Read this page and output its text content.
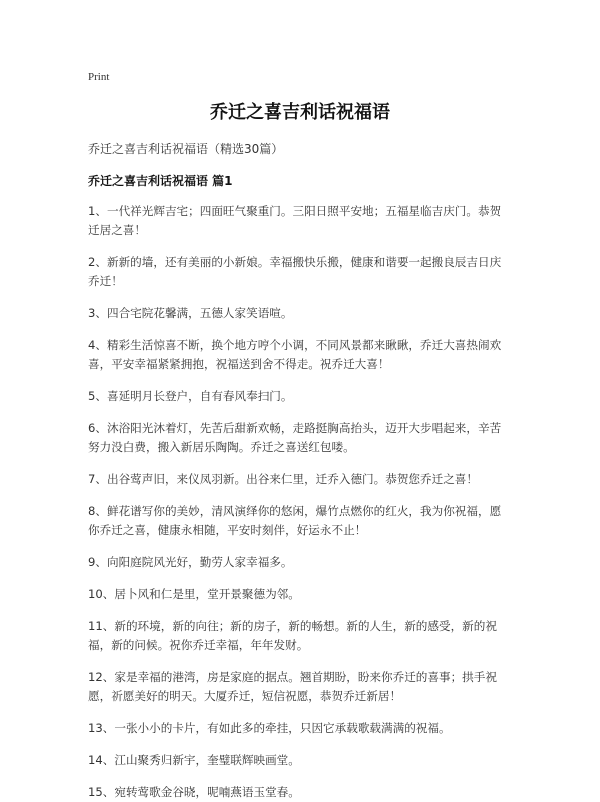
Print
乔迁之喜吉利话祝福语
乔迁之喜吉利话祝福语（精选30篇）
乔迁之喜吉利话祝福语 篇1

1、一代祥光辉吉宅；四面旺气聚重门。三阳日照平安地；五福星临吉庆门。恭贺迁居之喜！

2、新新的墙，还有美丽的小新娘。幸福搬快乐搬，健康和谐要一起搬良辰吉日庆乔迁！

3、四合宅院花馨满，五德人家笑语喧。

4、精彩生活惊喜不断，换个地方哼个小调，不同风景都来瞅瞅，乔迁大喜热闹欢喜，平安幸福紧紧拥抱，祝福送到舍不得走。祝乔迁大喜！

5、喜延明月长登户，自有春风奉扫门。

6、沐浴阳光沐着灯，先苦后甜新欢畅，走路挺胸高抬头，迈开大步唱起来，辛苦努力没白费，搬入新居乐陶陶。乔迁之喜送红包喽。

7、出谷莺声旧，来仪凤羽新。出谷来仁里，迁乔入德门。恭贺您乔迁之喜！

8、鲜花谱写你的美妙，清风演绎你的悠闲，爆竹点燃你的红火，我为你祝福，愿你乔迁之喜，健康永相随，平安时刻伴，好运永不止！

9、向阳庭院风光好，勤劳人家幸福多。

10、居卜风和仁是里，堂开景聚德为邻。

11、新的环境，新的向往；新的房子，新的畅想。新的人生，新的感受，新的祝福，新的问候。祝你乔迁幸福，年年发财。

12、家是幸福的港湾，房是家庭的据点。翘首期盼，盼来你乔迁的喜事；拱手祝愿，祈愿美好的明天。大厦乔迁，短信祝愿，恭贺乔迁新居！

13、一张小小的卡片，有如此多的牵挂，只因它承载歌载满满的祝福。

14、江山聚秀归新宇，奎璧联辉映画堂。

15、宛转莺歌金谷晓，呢喃燕语玉堂春。
